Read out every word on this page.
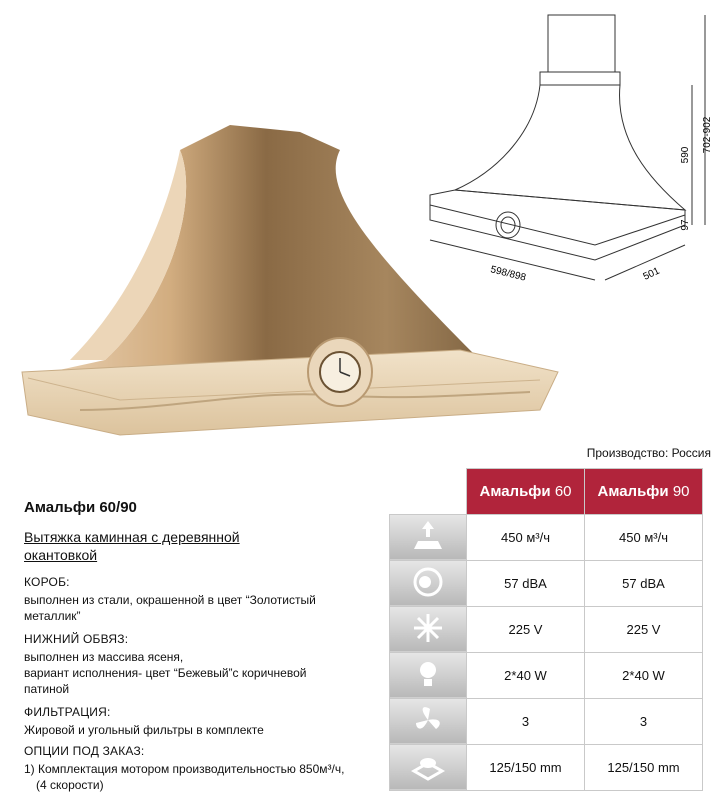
702-902
590
97
598/898	501
Производство: Россия
Амальфи 60/90
Вытяжка каминная с деревянной окантовкой
КОРОБ:
выполнен из стали, окрашенной в цвет “Золотистый
металлик”
НИЖНИЙ ОБВЯЗ:
выполнен из массива ясеня,
вариант исполнения- цвет “Бежевый”с коричневой
патиной
ФИЛЬТРАЦИЯ:
Жировой и угольный фильтры в комплекте
ОПЦИИ ПОД ЗАКАЗ:
1) Комплектация мотором производительностью 850м³/ч,
(4 скорости)
	Амальфи 60	Амальфи 90
	450 м³/ч	450 м³/ч
	57 dBA	57 dBA
	225 V	225 V
	2*40 W	2*40 W
	3	3
	125/150 mm	125/150 mm
